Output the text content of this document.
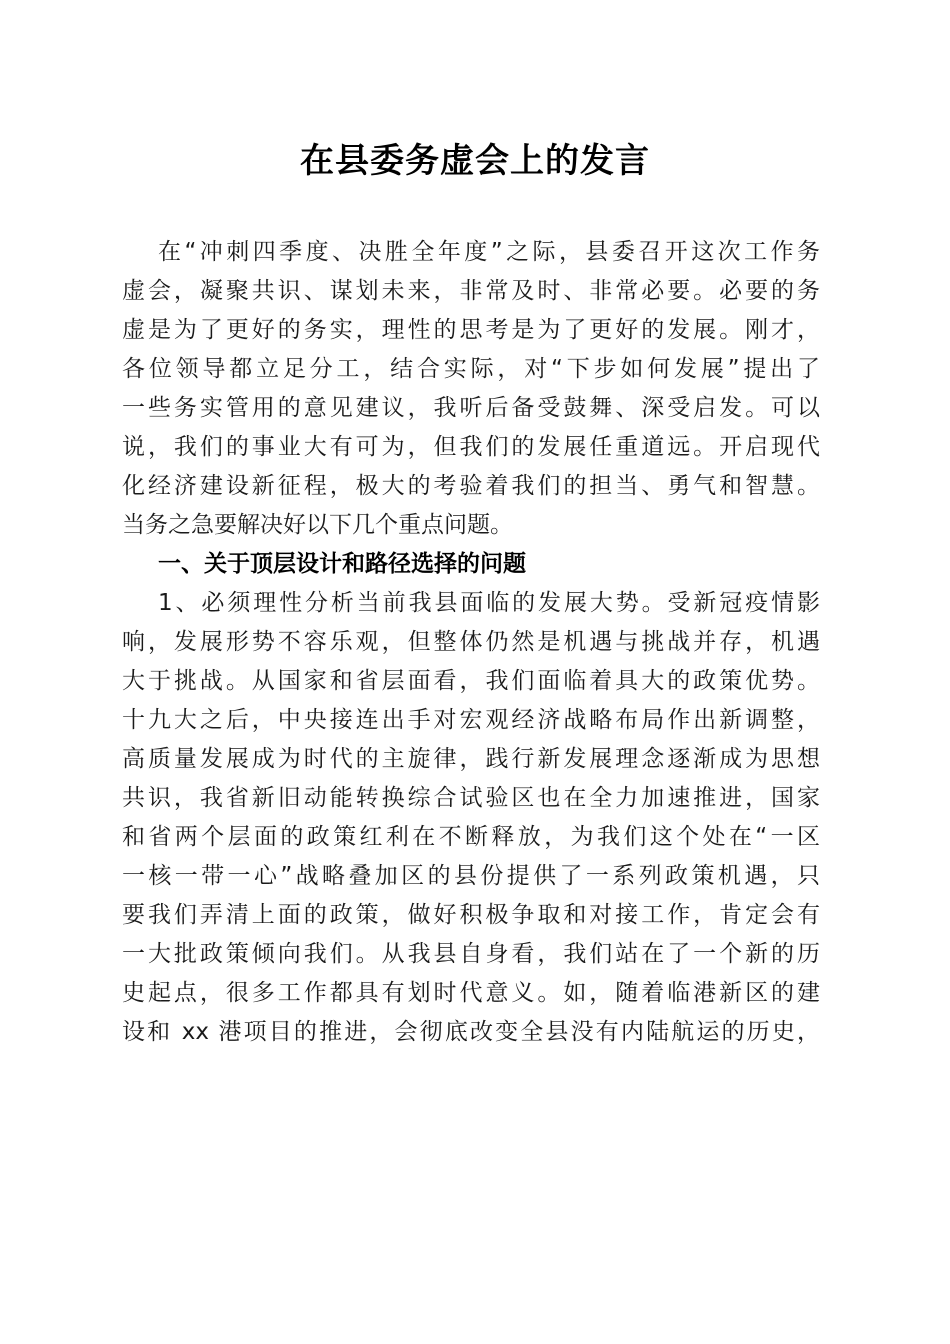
在县委务虚会上的发言
在“冲刺四季度、决胜全年度”之际，县委召开这次工作务
虚会，凝聚共识、谋划未来，非常及时、非常必要。必要的务
虚是为了更好的务实，理性的思考是为了更好的发展。刚才，
各位领导都立足分工，结合实际，对“下步如何发展”提出了
一些务实管用的意见建议，我听后备受鼓舞、深受启发。可以
说，我们的事业大有可为，但我们的发展任重道远。开启现代
化经济建设新征程，极大的考验着我们的担当、勇气和智慧。
当务之急要解决好以下几个重点问题。
一、关于顶层设计和路径选择的问题
1、必须理性分析当前我县面临的发展大势。受新冠疫情影
响，发展形势不容乐观，但整体仍然是机遇与挑战并存，机遇
大于挑战。从国家和省层面看，我们面临着具大的政策优势。
十九大之后，中央接连出手对宏观经济战略布局作出新调整，
高质量发展成为时代的主旋律，践行新发展理念逐渐成为思想
共识，我省新旧动能转换综合试验区也在全力加速推进，国家
和省两个层面的政策红利在不断释放，为我们这个处在“一区
一核一带一心”战略叠加区的县份提供了一系列政策机遇，只
要我们弄清上面的政策，做好积极争取和对接工作，肯定会有
一大批政策倾向我们。从我县自身看，我们站在了一个新的历
史起点，很多工作都具有划时代意义。如，随着临港新区的建
设和 xx 港项目的推进，会彻底改变全县没有内陆航运的历史，
